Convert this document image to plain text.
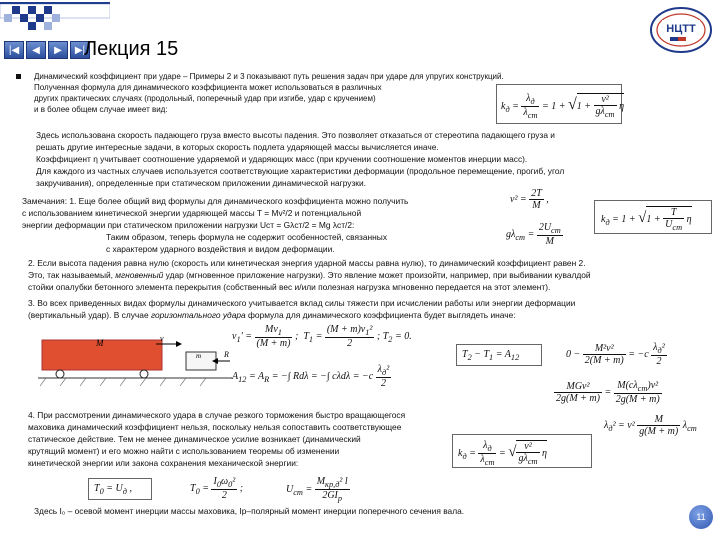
|◀ ◀ ▶ ▶|
Лекция 15
НЦТТ
Динамический коэффициент при ударе – Примеры 2 и 3 показывают путь решения задач при ударе для упругих конструкций.
Полученная формула для динамического коэффициента может использоваться в различных
других практических случаях (продольный, поперечный удар при изгибе, удар с кручением)
и в более общем случае имеет вид:	$k_д = \frac{\lambda_д}{\lambda_{ст}} = 1 + √1 + \frac{\text{v²}}{g\lambda_{ст}}$ η
Здесь использована скорость падающего груза вместо высоты падения. Это позволяет отказаться от стереотипа падающего груза и
решать другие интересные задачи, в которых скорость подлета ударяющей массы вычисляется иначе.
Коэффициент η учитывает соотношение ударяемой и ударяющих масс (при кручении соотношение моментов инерции масс).
Для каждого из частных случаев используется соответствующие характеристики деформации (продольное перемещение, прогиб, угол
закручивания), определенные при статическом приложении динамической нагрузки.
Замечания: 1. Еще более общий вид формулы для динамического коэффициента можно получить
с использованием кинетической энергии ударяющей массы T = Mv²/2 и потенциальной
энергии деформации при статическом приложении нагрузки Uст = Gλст/2 = Mg λст/2:
Таким образом, теперь формула не содержит особенностей, связанных
с характером ударного воздействия и видом деформации.
$v^2 = \frac{2T}{M}$ ,
$g\lambda_{ст} = \frac{2U_{ст}}{M}$
$k_д = 1 + √1 + \frac{T}{U_{ст}}$ η
2. Если высота падения равна нулю (скорость или кинетическая энергия ударной массы равна нулю), то динамический коэффициент равен 2.
Это, так называемый, мгновенный удар (мгновенное приложение нагрузки). Это явление может произойти, например, при выбивании кувалдой
стойки опалубки бетонного элемента перекрытия (собственный вес и/или полезная нагрузка мгновенно передается на этот элемент).
3. Во всех приведенных видах формулы динамического учитывается вклад силы тяжести при исчислении работы или энергии деформации
(вертикальный удар). В случае горизонтального удара формула для динамического коэффициента будет выглядеть иначе:
M	v
m	R
$v_1' = \frac{Mv_1}{(M + m)}$ ;  $T_1 = \frac{(M + m)v_1^2}{2}$ ; $T_2 = 0$.
$A_{12} = A_R$ = −∫ Rdλ = −∫ $c\lambda d\lambda = -c \frac{\lambda_д^2}{2}$
$T_2 - T_1 = A_{12}$	$0 - \frac{\text{M²v²}}{2(M + m)} = -c \frac{\lambda_д^2}{2}$
$\frac{\text{MGv²}}{2g(M + m)} = \frac{M(c\lambda_{ст})v^2}{2g(M + m)}$
4. При рассмотрении динамического удара в случае резкого торможения быстро вращающегося
маховика динамический коэффициент нельзя, поскольку нельзя сопоставить соответствующее
статическое действие. Тем не менее динамическое усилие возникает (динамический
крутящий момент) и его можно найти с использованием теоремы об изменении
кинетической энергии или закона сохранения механической энергии:
$\lambda_д^2 = v^2 \frac{M}{g(M + m)} \lambda_{ст}$
$k_д = \frac{\lambda_д}{\lambda_{ст}}$ = √ $\frac{\text{v²}}{g\lambda_{ст}}$ η
$T_0 = U_д$ ,	$T_0 = \frac{I_0\omega_0^2}{2}$ ;	$U_{ст} = \frac{M_{кр,д}^2 l}{2GI_p}$
Здесь I₀ – осевой момент инерции массы маховика, Iр–полярный момент инерции поперечного сечения вала.
11
